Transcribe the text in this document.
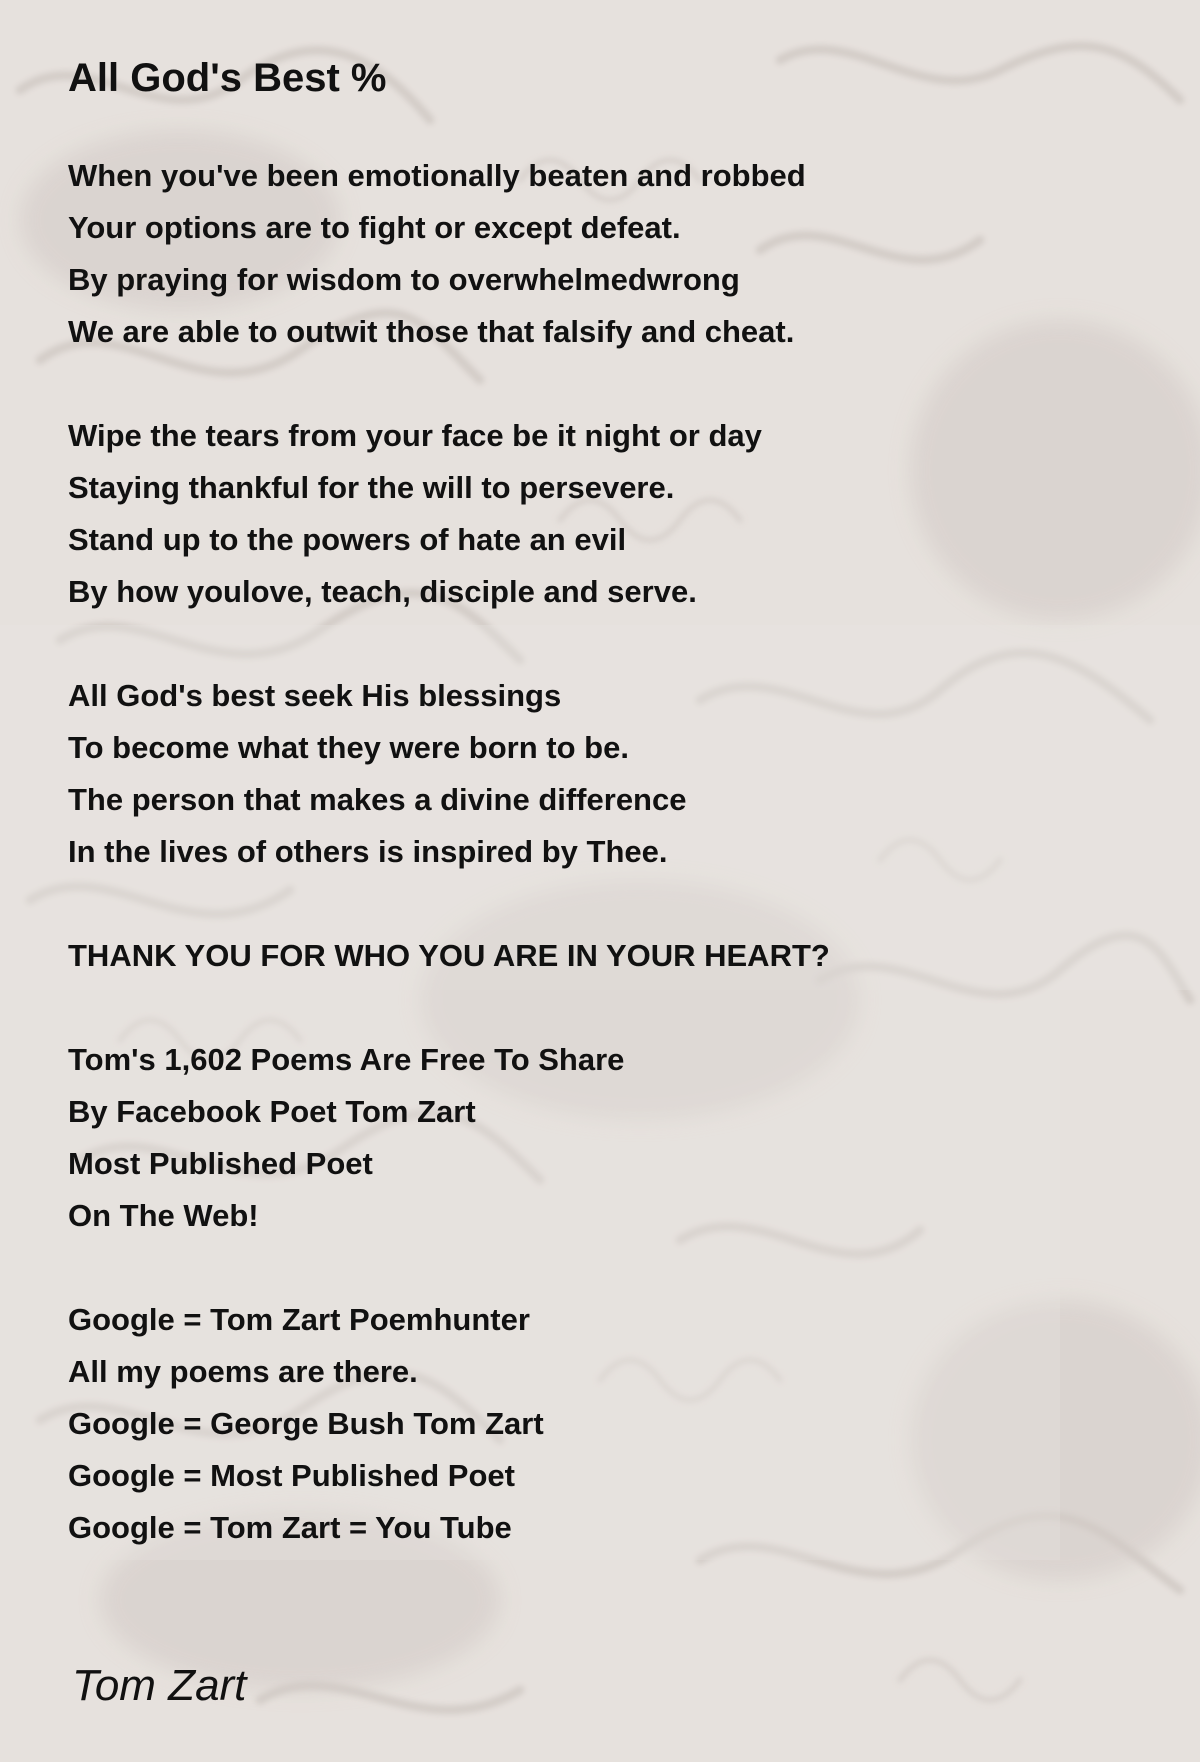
All God's Best %
When you've been emotionally beaten and robbed
Your options are to fight or except defeat.
By praying for wisdom to overwhelmedwrong
We are able to outwit those that falsify and cheat.
Wipe the tears from your face be it night or day
Staying thankful for the will to persevere.
Stand up to the powers of hate an evil
By how youlove, teach, disciple and serve.
All God's best seek His blessings
To become what they were born to be.
The person that makes a divine difference
In the lives of others is inspired by Thee.
THANK YOU FOR WHO YOU ARE IN YOUR HEART?
Tom's 1,602 Poems Are Free To Share
By Facebook Poet Tom Zart
Most Published Poet
On The Web!
Google = Tom Zart Poemhunter
All my poems are there.
Google = George Bush Tom Zart
Google = Most Published Poet
Google = Tom Zart = You Tube
Tom Zart
